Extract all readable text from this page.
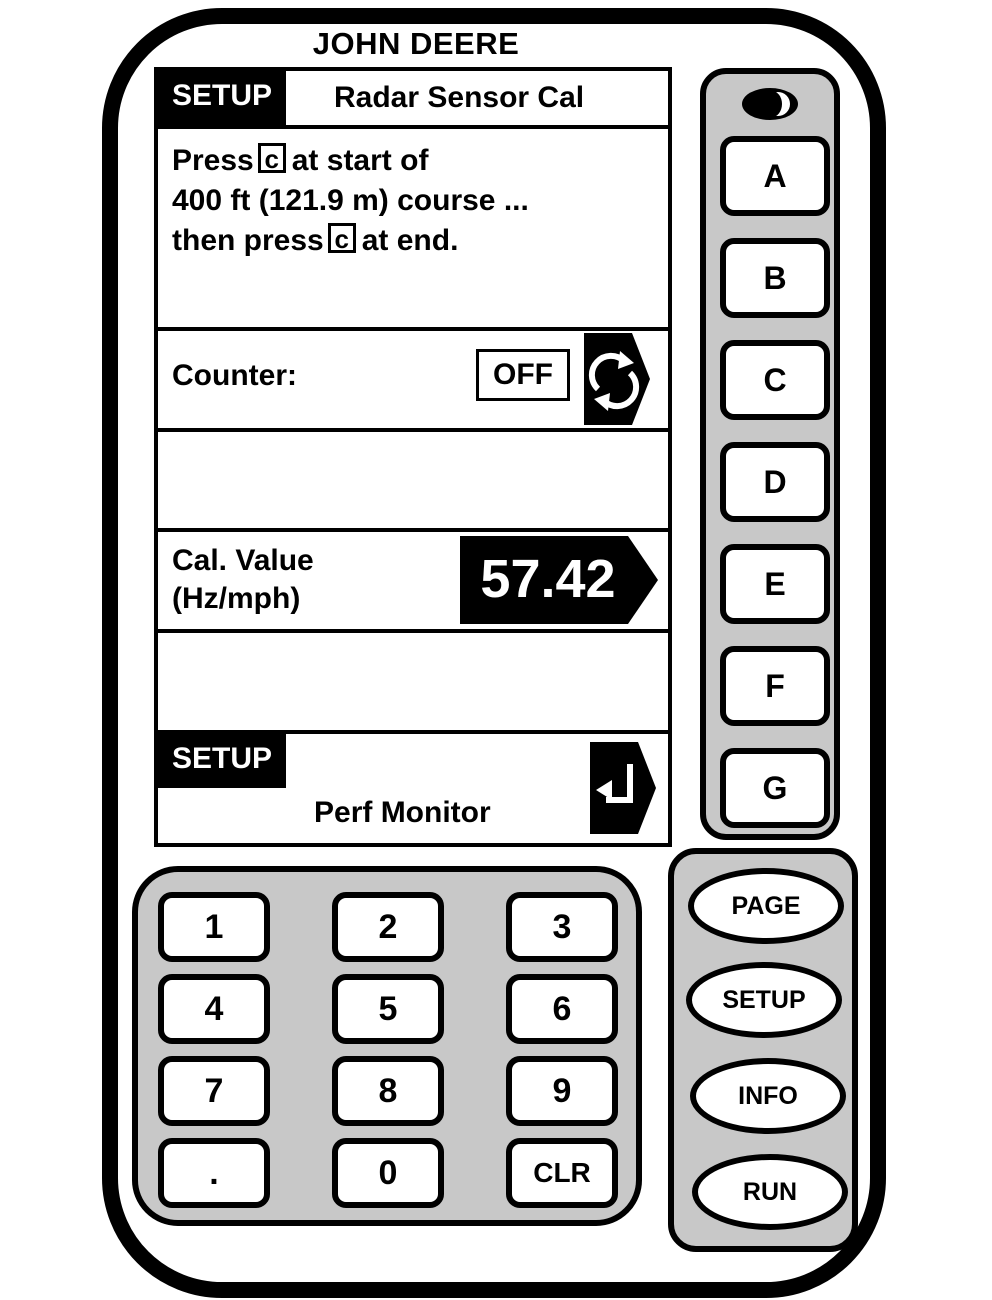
JOHN DEERE
SETUP	Radar Sensor Cal
Press c at start of
400 ft (121.9 m) course ...
then press c at end.
Counter:	OFF
Cal. Value
(Hz/mph)	57.42
SETUP
Perf Monitor
A
B
C
D
E
F
G
1	2	3
4	5	6
7	8	9
.	0	CLR
PAGE
SETUP
INFO
RUN
